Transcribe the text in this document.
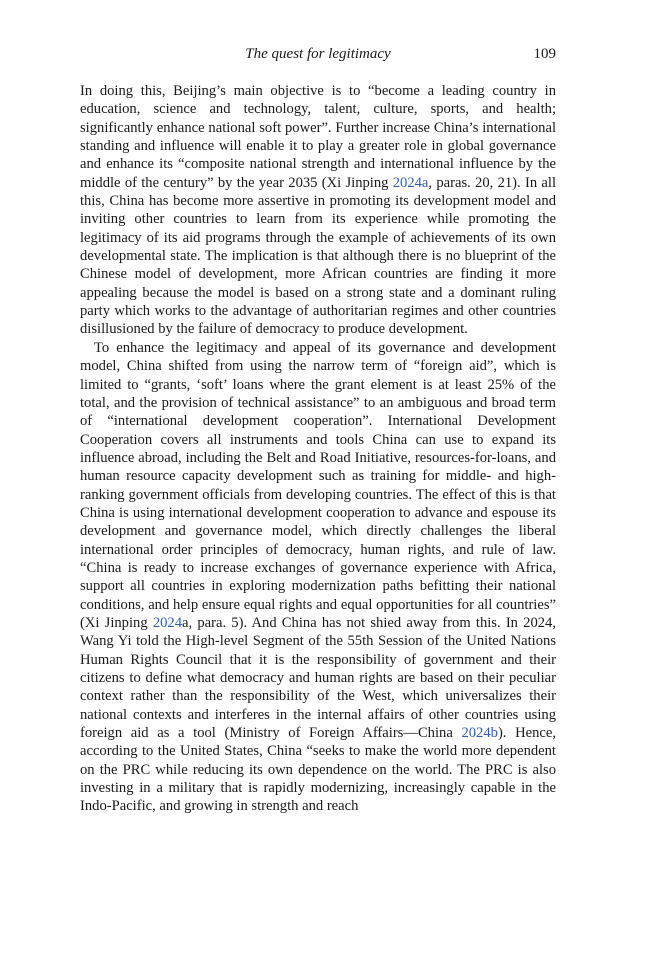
The quest for legitimacy	109

In doing this, Beijing’s main objective is to “become a leading country in education, science and technology, talent, culture, sports, and health; significantly enhance national soft power”. Further increase China’s international standing and influence will enable it to play a greater role in global governance and enhance its “composite national strength and international influence by the middle of the century” by the year 2035 (Xi Jinping 2024a, paras. 20, 21). In all this, China has become more assertive in promoting its development model and inviting other countries to learn from its experience while promoting the legitimacy of its aid programs through the example of achievements of its own developmental state. The implication is that although there is no blueprint of the Chinese model of development, more African countries are finding it more appealing because the model is based on a strong state and a dominant ruling party which works to the advantage of authoritarian regimes and other countries disillusioned by the failure of democracy to produce development.

To enhance the legitimacy and appeal of its governance and development model, China shifted from using the narrow term of “foreign aid”, which is limited to “grants, ‘soft’ loans where the grant element is at least 25% of the total, and the provision of technical assistance” to an ambiguous and broad term of “international development cooperation”. International Development Cooperation covers all instruments and tools China can use to expand its influence abroad, including the Belt and Road Initiative, resources-for-loans, and human resource capacity development such as training for middle- and high-ranking government officials from developing countries. The effect of this is that China is using international development cooperation to advance and espouse its development and governance model, which directly challenges the liberal international order principles of democracy, human rights, and rule of law. “China is ready to increase exchanges of governance experience with Africa, support all countries in exploring modernization paths befitting their national conditions, and help ensure equal rights and equal opportunities for all countries” (Xi Jinping 2024a, para. 5). And China has not shied away from this. In 2024, Wang Yi told the High-level Segment of the 55th Session of the United Nations Human Rights Council that it is the responsibility of government and their citizens to define what democracy and human rights are based on their peculiar context rather than the responsibility of the West, which universalizes their national contexts and interferes in the internal affairs of other countries using foreign aid as a tool (Ministry of Foreign Affairs—China 2024b). Hence, according to the United States, China “seeks to make the world more dependent on the PRC while reducing its own dependence on the world. The PRC is also investing in a military that is rapidly modernizing, increasingly capable in the Indo-Pacific, and growing in strength and reach
